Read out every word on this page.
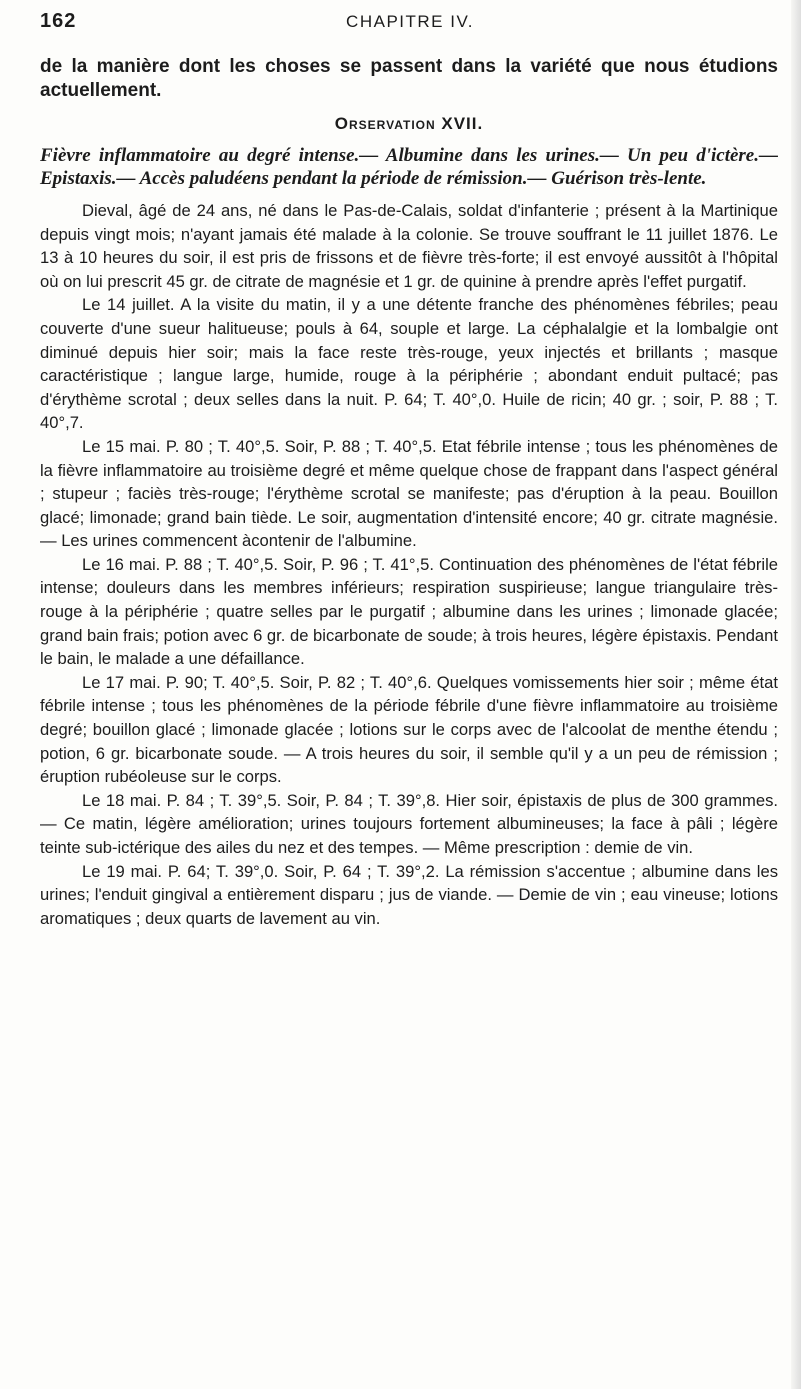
162	CHAPITRE IV.

de la manière dont les choses se passent dans la variété que nous étudions actuellement.

Orservation XVII.

Fièvre inflammatoire au degré intense.— Albumine dans les urines.— Un peu d'ictère.— Epistaxis.— Accès paludéens pendant la période de rémission.— Guérison très-lente.

Dieval, âgé de 24 ans, né dans le Pas-de-Calais, soldat d'infanterie ; présent à la Martinique depuis vingt mois; n'ayant jamais été malade à la colonie. Se trouve souffrant le 11 juillet 1876. Le 13 à 10 heures du soir, il est pris de frissons et de fièvre très-forte; il est envoyé aussitôt à l'hôpital où on lui prescrit 45 gr. de citrate de magnésie et 1 gr. de quinine à prendre après l'effet purgatif.

Le 14 juillet. A la visite du matin, il y a une détente franche des phénomènes fébriles; peau couverte d'une sueur halitueuse; pouls à 64, souple et large. La céphalalgie et la lombalgie ont diminué depuis hier soir; mais la face reste très-rouge, yeux injectés et brillants ; masque caractéristique ; langue large, humide, rouge à la périphérie ; abondant enduit pultacé; pas d'érythème scrotal ; deux selles dans la nuit. P. 64; T. 40°,0. Huile de ricin; 40 gr. ; soir, P. 88 ; T. 40°,7.

Le 15 mai. P. 80 ; T. 40°,5. Soir, P. 88 ; T. 40°,5. Etat fébrile intense ; tous les phénomènes de la fièvre inflammatoire au troisième degré et même quelque chose de frappant dans l'aspect général ; stupeur ; faciès très-rouge; l'érythème scrotal se manifeste; pas d'éruption à la peau. Bouillon glacé; limonade; grand bain tiède. Le soir, augmentation d'intensité encore; 40 gr. citrate magnésie.— Les urines commencent àcontenir de l'albumine.

Le 16 mai. P. 88 ; T. 40°,5. Soir, P. 96 ; T. 41°,5. Continuation des phénomènes de l'état fébrile intense; douleurs dans les membres inférieurs; respiration suspirieuse; langue triangulaire très-rouge à la périphérie ; quatre selles par le purgatif ; albumine dans les urines ; limonade glacée; grand bain frais; potion avec 6 gr. de bicarbonate de soude; à trois heures, légère épistaxis. Pendant le bain, le malade a une défaillance.

Le 17 mai. P. 90; T. 40°,5. Soir, P. 82 ; T. 40°,6. Quelques vomissements hier soir ; même état fébrile intense ; tous les phénomènes de la période fébrile d'une fièvre inflammatoire au troisième degré; bouillon glacé ; limonade glacée ; lotions sur le corps avec de l'alcoolat de menthe étendu ; potion, 6 gr. bicarbonate soude. — A trois heures du soir, il semble qu'il y a un peu de rémission ; éruption rubéoleuse sur le corps.

Le 18 mai. P. 84 ; T. 39°,5. Soir, P. 84 ; T. 39°,8. Hier soir, épistaxis de plus de 300 grammes. — Ce matin, légère amélioration; urines toujours fortement albumineuses; la face à pâli ; légère teinte sub-ictérique des ailes du nez et des tempes. — Même prescription : demie de vin.

Le 19 mai. P. 64; T. 39°,0. Soir, P. 64 ; T. 39°,2. La rémission s'accentue ; albumine dans les urines; l'enduit gingival a entièrement disparu ; jus de viande. — Demie de vin ; eau vineuse; lotions aromatiques ; deux quarts de lavement au vin.
